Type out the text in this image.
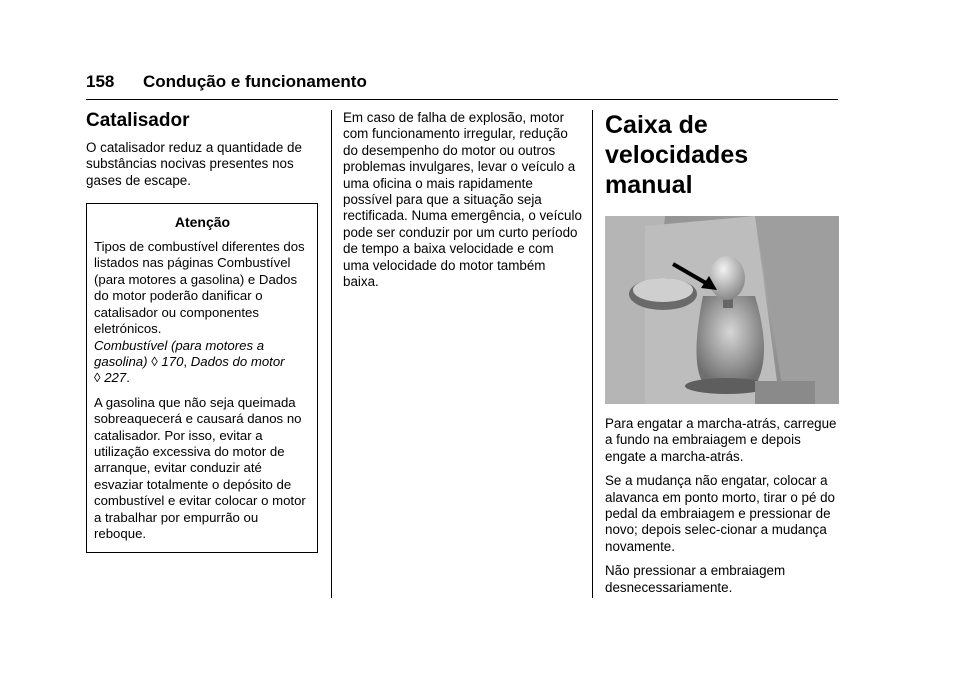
158 Condução e funcionamento
Catalisador

O catalisador reduz a quantidade de substâncias nocivas presentes nos gases de escape.

Atenção

Tipos de combustível diferentes dos listados nas páginas Combustível (para motores a gasolina) e Dados do motor poderão danificar o catalisador ou componentes eletrónicos.
Combustível (para motores a gasolina) ◊ 170, Dados do motor
◊ 227.

A gasolina que não seja queimada sobreaquecerá e causará danos no catalisador. Por isso, evitar a utilização excessiva do motor de arranque, evitar conduzir até esvaziar totalmente o depósito de combustível e evitar colocar o motor a trabalhar por empurrão ou reboque.

Em caso de falha de explosão, motor com funcionamento irregular, redução do desempenho do motor ou outros problemas invulgares, levar o veículo a uma oficina o mais rapidamente possível para que a situação seja rectificada. Numa emergência, o veículo pode ser conduzir por um curto período de tempo a baixa velocidade e com uma velocidade do motor também baixa.

Caixa de velocidades manual

Para engatar a marcha-atrás, carregue a fundo na embraiagem e depois engate a marcha-atrás.

Se a mudança não engatar, colocar a alavanca em ponto morto, tirar o pé do pedal da embraiagem e pressionar de novo; depois selec-cionar a mudança novamente.

Não pressionar a embraiagem desnecessariamente.
